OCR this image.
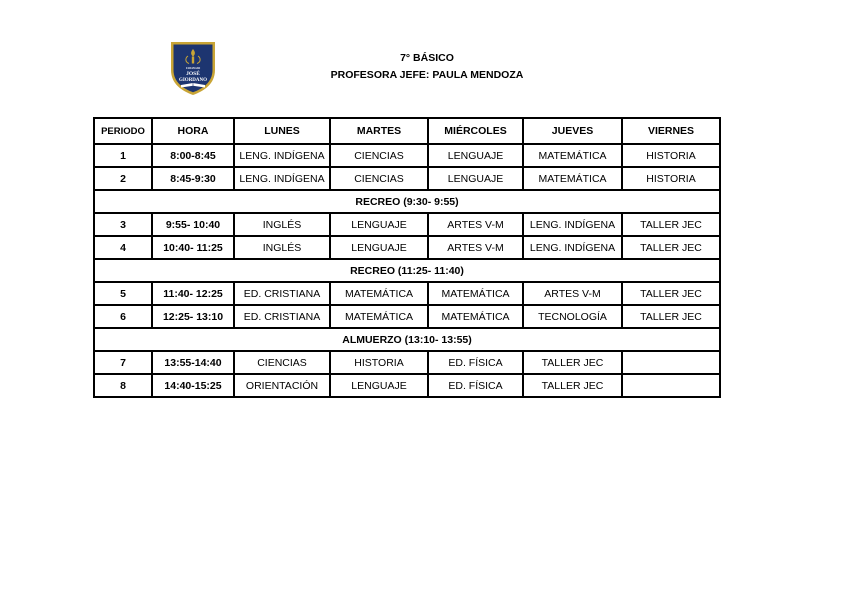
COLEGIO
JOSÉ
GIORDANO
7° BÁSICO
PROFESORA JEFE: PAULA MENDOZA
PERIODO	HORA	LUNES	MARTES	MIÉRCOLES	JUEVES	VIERNES
1	8:00-8:45	LENG. INDÍGENA	CIENCIAS	LENGUAJE	MATEMÁTICA	HISTORIA
2	8:45-9:30	LENG. INDÍGENA	CIENCIAS	LENGUAJE	MATEMÁTICA	HISTORIA
RECREO (9:30- 9:55)						
3	9:55- 10:40	INGLÉS	LENGUAJE	ARTES V-M	LENG. INDÍGENA	TALLER JEC
4	10:40- 11:25	INGLÉS	LENGUAJE	ARTES V-M	LENG. INDÍGENA	TALLER JEC
RECREO (11:25- 11:40)						
5	11:40- 12:25	ED. CRISTIANA	MATEMÁTICA	MATEMÁTICA	ARTES V-M	TALLER JEC
6	12:25- 13:10	ED. CRISTIANA	MATEMÁTICA	MATEMÁTICA	TECNOLOGÍA	TALLER JEC
ALMUERZO (13:10- 13:55)						
7	13:55-14:40	CIENCIAS	HISTORIA	ED. FÍSICA	TALLER JEC	
8	14:40-15:25	ORIENTACIÓN	LENGUAJE	ED. FÍSICA	TALLER JEC	
